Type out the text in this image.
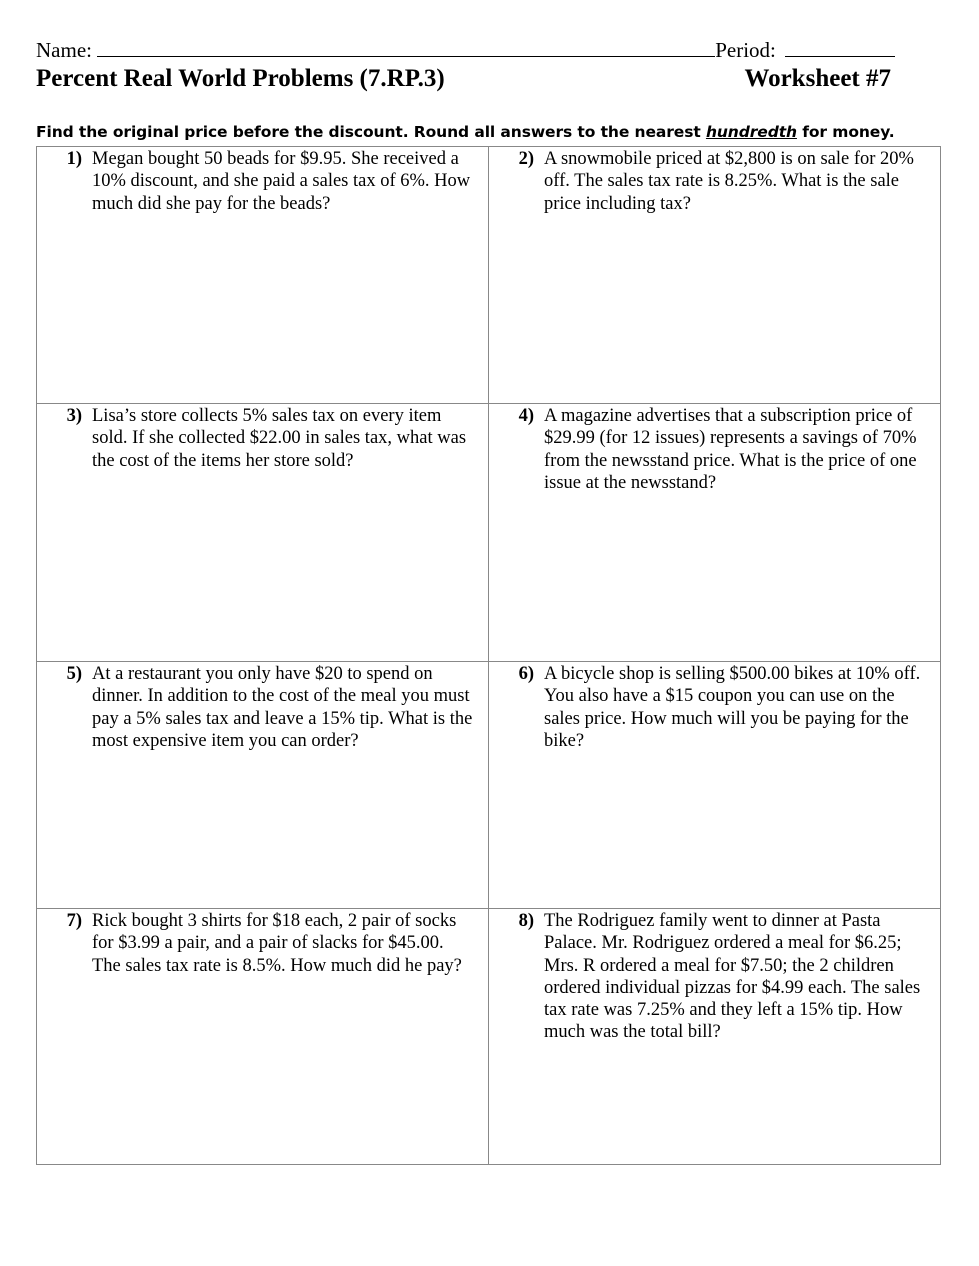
Name:	Period:
Percent Real World Problems (7.RP.3)	Worksheet #7
Find the original price before the discount. Round all answers to the nearest hundredth for money.
1) Megan bought 50 beads for $9.95. She received a 10% discount, and she paid a sales tax of 6%. How much did she pay for the beads?	2) A snowmobile priced at $2,800 is on sale for 20% off. The sales tax rate is 8.25%. What is the sale price including tax?

3) Lisa’s store collects 5% sales tax on every item sold. If she collected $22.00 in sales tax, what was the cost of the items her store sold?	4) A magazine advertises that a subscription price of $29.99 (for 12 issues) represents a savings of 70% from the newsstand price. What is the price of one issue at the newsstand?

5) At a restaurant you only have $20 to spend on dinner. In addition to the cost of the meal you must pay a 5% sales tax and leave a 15% tip. What is the most expensive item you can order?	6) A bicycle shop is selling $500.00 bikes at 10% off. You also have a $15 coupon you can use on the sales price. How much will you be paying for the bike?

7) Rick bought 3 shirts for $18 each, 2 pair of socks for $3.99 a pair, and a pair of slacks for $45.00. The sales tax rate is 8.5%. How much did he pay?	8) The Rodriguez family went to dinner at Pasta Palace. Mr. Rodriguez ordered a meal for $6.25; Mrs. R ordered a meal for $7.50; the 2 children ordered individual pizzas for $4.99 each. The sales tax rate was 7.25% and they left a 15% tip. How much was the total bill?
